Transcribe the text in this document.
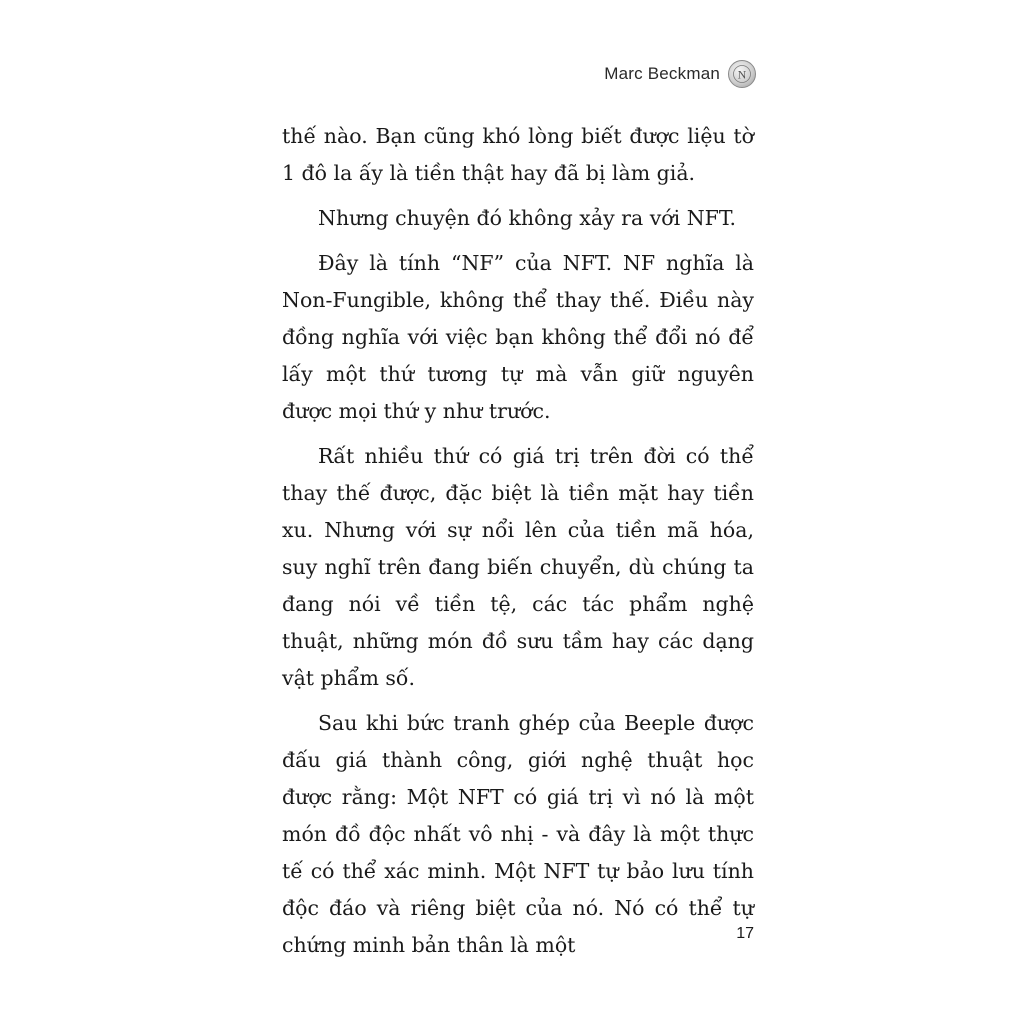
Marc Beckman N

thế nào. Bạn cũng khó lòng biết được liệu tờ 1 đô la ấy là tiền thật hay đã bị làm giả.

Nhưng chuyện đó không xảy ra với NFT.

Đây là tính “NF” của NFT. NF nghĩa là Non-Fungible, không thể thay thế. Điều này đồng nghĩa với việc bạn không thể đổi nó để lấy một thứ tương tự mà vẫn giữ nguyên được mọi thứ y như trước.

Rất nhiều thứ có giá trị trên đời có thể thay thế được, đặc biệt là tiền mặt hay tiền xu. Nhưng với sự nổi lên của tiền mã hóa, suy nghĩ trên đang biến chuyển, dù chúng ta đang nói về tiền tệ, các tác phẩm nghệ thuật, những món đồ sưu tầm hay các dạng vật phẩm số.

Sau khi bức tranh ghép của Beeple được đấu giá thành công, giới nghệ thuật học được rằng: Một NFT có giá trị vì nó là một món đồ độc nhất vô nhị - và đây là một thực tế có thể xác minh. Một NFT tự bảo lưu tính độc đáo và riêng biệt của nó. Nó có thể tự chứng minh bản thân là một	17
